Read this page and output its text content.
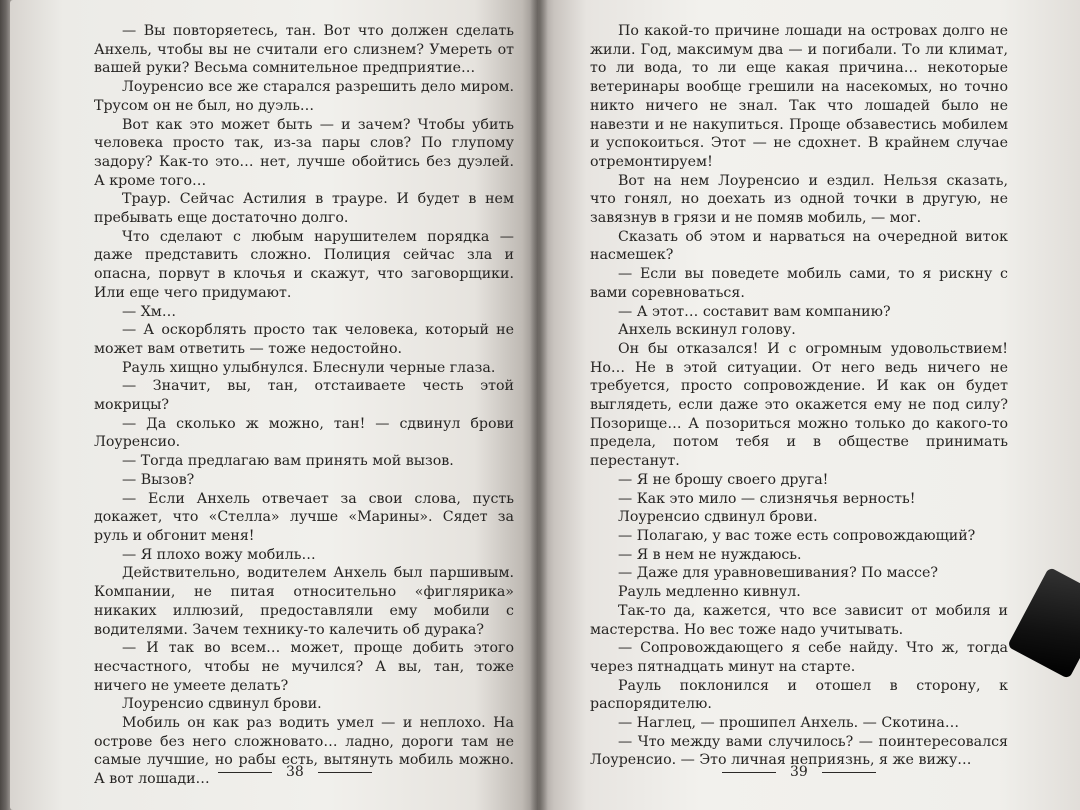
— Вы повторяетесь, тан. Вот что должен сделать Анхель, чтобы вы не считали его слизнем? Умереть от вашей руки? Весьма сомнительное предприятие…

Лоуренсио все же старался разрешить дело миром. Трусом он не был, но дуэль…

Вот как это может быть — и зачем? Чтобы убить человека просто так, из-за пары слов? По глупому задору? Как-то это… нет, лучше обойтись без дуэлей. А кроме того…

Траур. Сейчас Астилия в трауре. И будет в нем пребывать еще достаточно долго.

Что сделают с любым нарушителем порядка — даже представить сложно. Полиция сейчас зла и опасна, порвут в клочья и скажут, что заговорщики. Или еще чего придумают.

— Хм…

— А оскорблять просто так человека, который не может вам ответить — тоже недостойно.

Рауль хищно улыбнулся. Блеснули черные глаза.

— Значит, вы, тан, отстаиваете честь этой мокрицы?

— Да сколько ж можно, тан! — сдвинул брови Лоуренсио.

— Тогда предлагаю вам принять мой вызов.

— Вызов?

— Если Анхель отвечает за свои слова, пусть докажет, что «Стелла» лучше «Марины». Сядет за руль и обгонит меня!

— Я плохо вожу мобиль…

Действительно, водителем Анхель был паршивым. Компании, не питая относительно «фиглярика» никаких иллюзий, предоставляли ему мобили с водителями. Зачем технику-то калечить об дурака?

— И так во всем… может, проще добить этого несчастного, чтобы не мучился? А вы, тан, тоже ничего не умеете делать?

Лоуренсио сдвинул брови.

Мобиль он как раз водить умел — и неплохо. На острове без него сложновато… ладно, дороги там не самые лучшие, но рабы есть, вытянуть мобиль можно. А вот лошади…	38

По какой-то причине лошади на островах долго не жили. Год, максимум два — и погибали. То ли климат, то ли вода, то ли еще какая причина… некоторые ветеринары вообще грешили на насекомых, но точно никто ничего не знал. Так что лошадей было не навезти и не накупиться. Проще обзавестись мобилем и успокоиться. Этот — не сдохнет. В крайнем случае отремонтируем!

Вот на нем Лоуренсио и ездил. Нельзя сказать, что гонял, но доехать из одной точки в другую, не завязнув в грязи и не помяв мобиль, — мог.

Сказать об этом и нарваться на очередной виток насмешек?

— Если вы поведете мобиль сами, то я рискну с вами соревноваться.

— А этот… составит вам компанию?

Анхель вскинул голову.

Он бы отказался! И с огромным удовольствием! Но… Не в этой ситуации. От него ведь ничего не требуется, просто сопровождение. И как он будет выглядеть, если даже это окажется ему не под силу? Позорище… А позориться можно только до какого-то предела, потом тебя и в обществе принимать перестанут.

— Я не брошу своего друга!

— Как это мило — слизнячья верность!

Лоуренсио сдвинул брови.

— Полагаю, у вас тоже есть сопровождающий?

— Я в нем не нуждаюсь.

— Даже для уравновешивания? По массе?

Рауль медленно кивнул.

Так-то да, кажется, что все зависит от мобиля и мастерства. Но вес тоже надо учитывать.

— Сопровождающего я себе найду. Что ж, тогда через пятнадцать минут на старте.

Рауль поклонился и отошел в сторону, к распорядителю.

— Наглец, — прошипел Анхель. — Скотина…

— Что между вами случилось? — поинтересовался Лоуренсио. — Это личная неприязнь, я же вижу…

39
